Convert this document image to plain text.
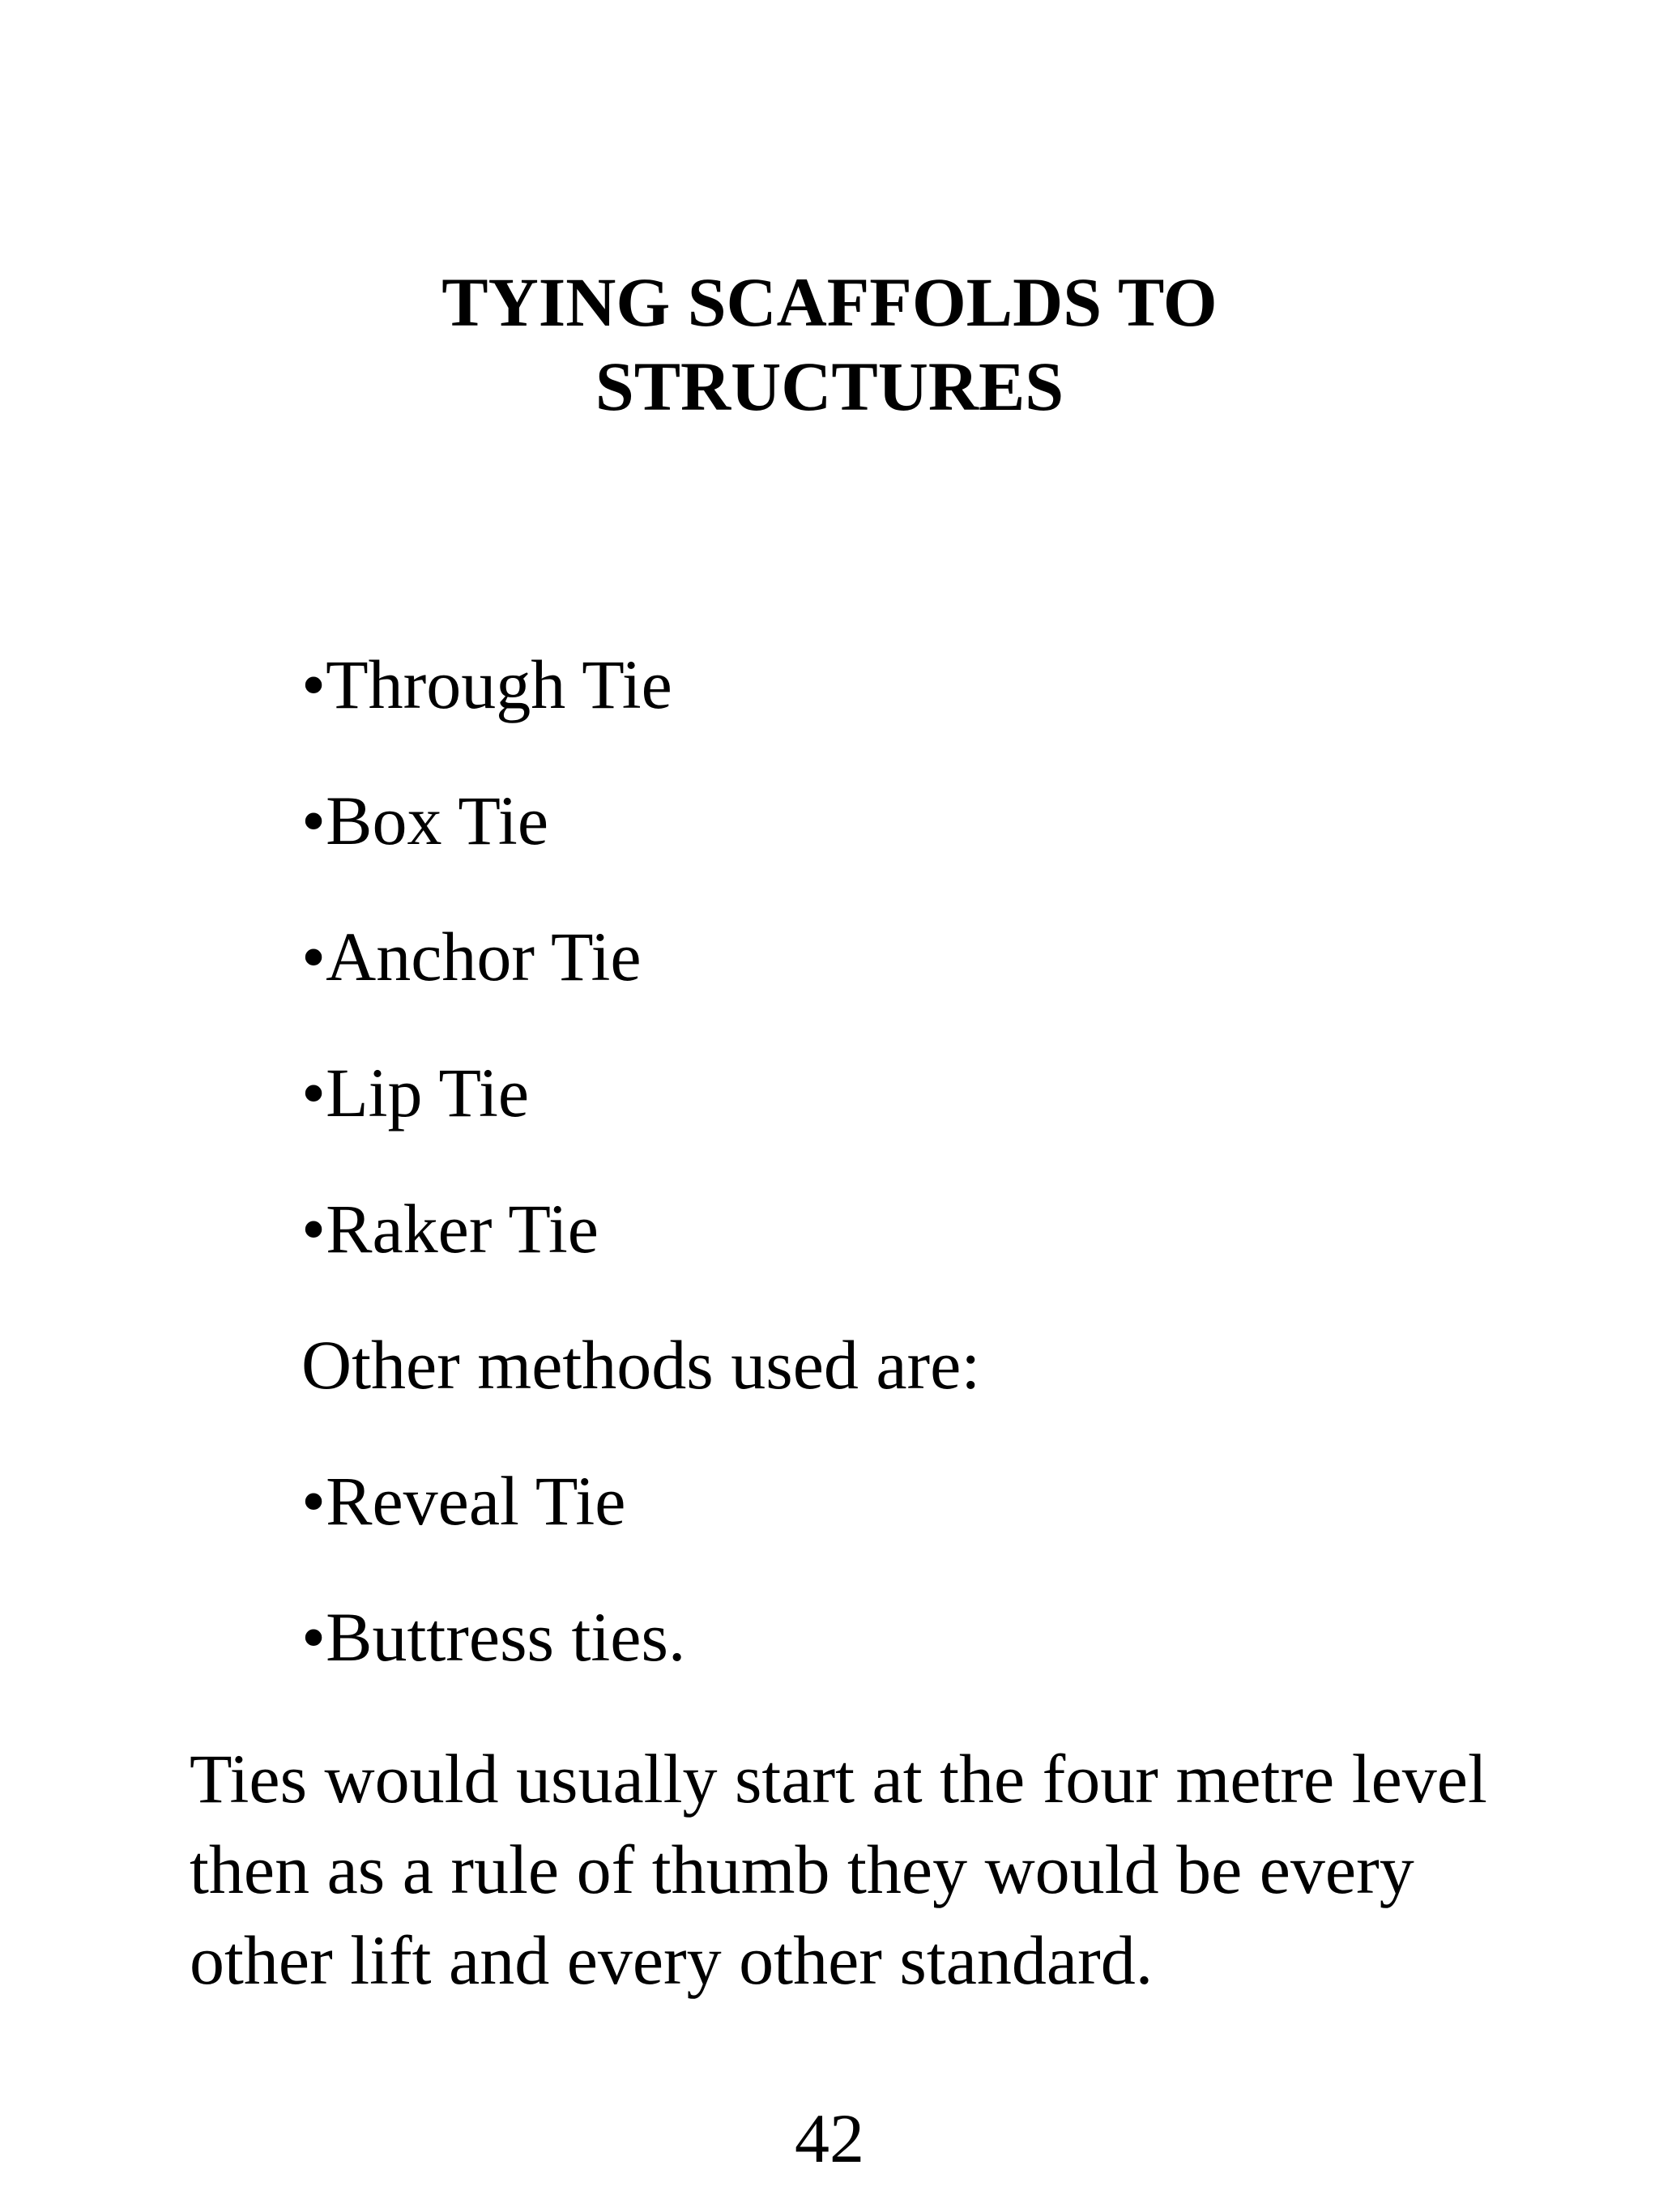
TYING SCAFFOLDS TO
STRUCTURES
•Through Tie
•Box Tie
•Anchor Tie
•Lip Tie
•Raker Tie
Other methods used are:
•Reveal Tie
•Buttress ties.

Ties would usually start at the four metre level then as a rule of thumb they would be every other lift and every other standard.

42
